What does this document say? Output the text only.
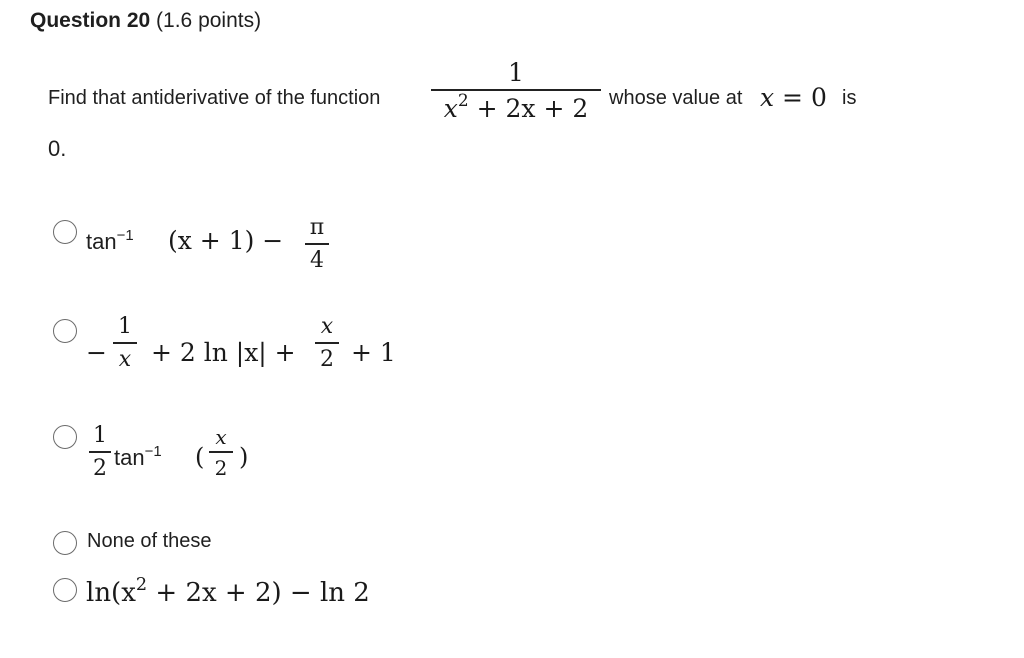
Question 20 (1.6 points)
Find that antiderivative of the function
1
$x^2 + 2x + 2$ whose value at x = 0 is
0.
$\tan^{-1} (x + 1) - \pi$
4
−
1
x + 2 ln |x| +
x
2 + 1
1
2 $\tan^{-1}$ (
x
2 )
None of these
$\ln(x^2 + 2x + 2) - \ln 2$
